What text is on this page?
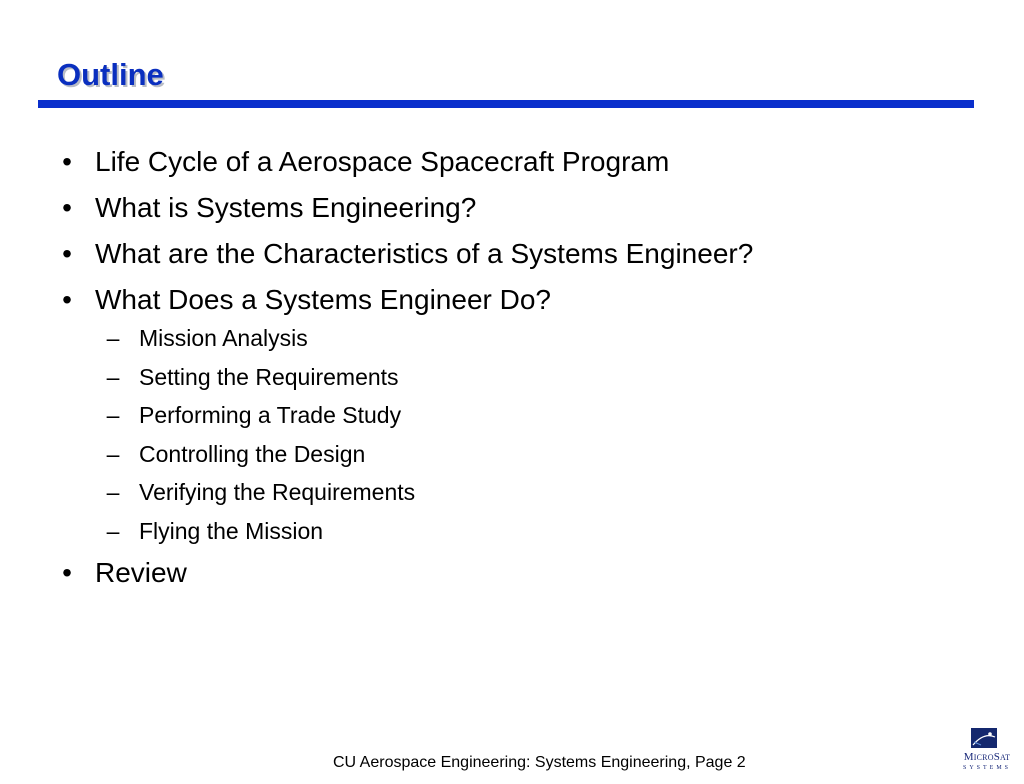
Outline
• Life Cycle of a Aerospace Spacecraft Program
• What is Systems Engineering?
• What are the Characteristics of a Systems Engineer?
• What Does a Systems Engineer Do?
– Mission Analysis
– Setting the Requirements
– Performing a Trade Study
– Controlling the Design
– Verifying the Requirements
– Flying the Mission
• Review
CU Aerospace Engineering: Systems Engineering, Page 2	MicroSat
SYSTEMS
